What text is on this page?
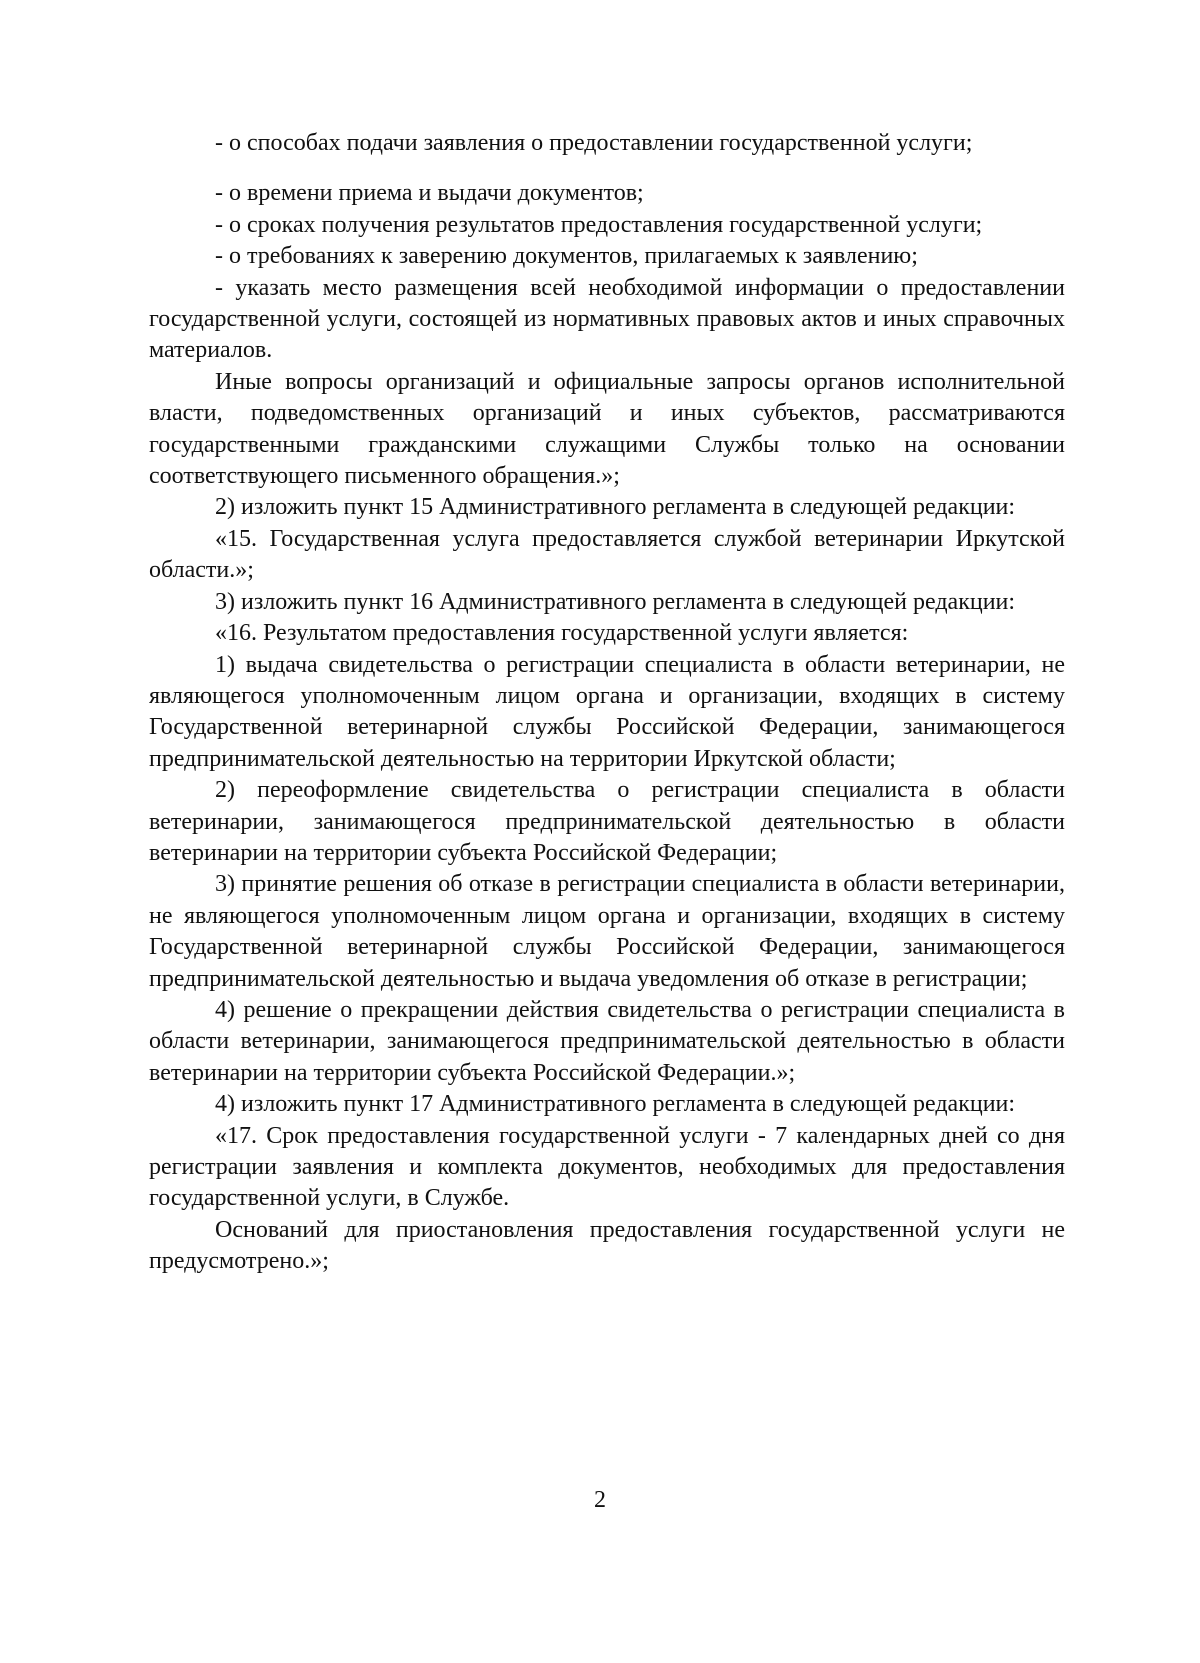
- о способах подачи заявления о предоставлении государственной услуги;

- о времени приема и выдачи документов;

- о сроках получения результатов предоставления государственной услуги;

- о требованиях к заверению документов, прилагаемых к заявлению;

- указать место размещения всей необходимой информации о предоставлении государственной услуги, состоящей из нормативных правовых актов и иных справочных материалов.

Иные вопросы организаций и официальные запросы органов исполнительной власти, подведомственных организаций и иных субъектов, рассматриваются государственными гражданскими служащими Службы только на основании соответствующего письменного обращения.»;

2) изложить пункт 15 Административного регламента в следующей редакции:

«15. Государственная услуга предоставляется службой ветеринарии Иркутской области.»;

3) изложить пункт 16 Административного регламента в следующей редакции:

«16. Результатом предоставления государственной услуги является:

1) выдача свидетельства о регистрации специалиста в области ветеринарии, не являющегося уполномоченным лицом органа и организации, входящих в систему Государственной ветеринарной службы Российской Федерации, занимающегося предпринимательской деятельностью на территории Иркутской области;

2) переоформление свидетельства о регистрации специалиста в области ветеринарии, занимающегося предпринимательской деятельностью в области ветеринарии на территории субъекта Российской Федерации;

3) принятие решения об отказе в регистрации специалиста в области ветеринарии, не являющегося уполномоченным лицом органа и организации, входящих в систему Государственной ветеринарной службы Российской Федерации, занимающегося предпринимательской деятельностью и выдача уведомления об отказе в регистрации;

4) решение о прекращении действия свидетельства о регистрации специалиста в области ветеринарии, занимающегося предпринимательской деятельностью в области ветеринарии на территории субъекта Российской Федерации.»;

4) изложить пункт 17 Административного регламента в следующей редакции:

«17. Срок предоставления государственной услуги - 7 календарных дней со дня регистрации заявления и комплекта документов, необходимых для предоставления государственной услуги, в Службе.

Оснований для приостановления предоставления государственной услуги не предусмотрено.»;

2
